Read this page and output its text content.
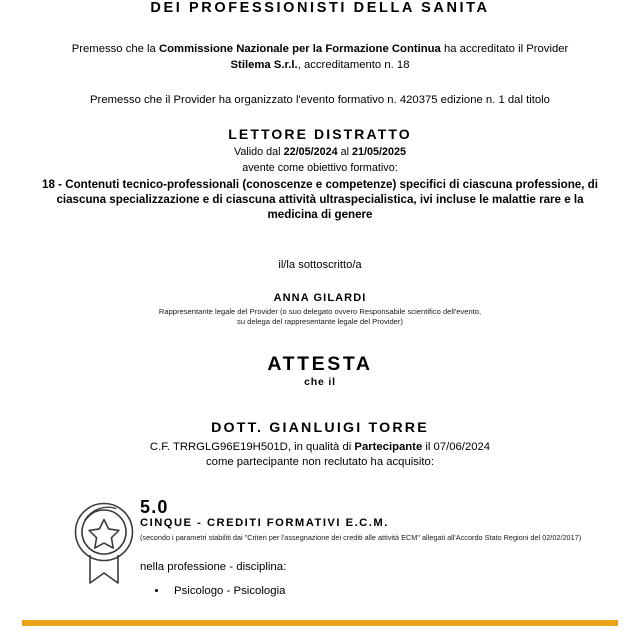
DEI PROFESSIONISTI DELLA SANITA
Premesso che la Commissione Nazionale per la Formazione Continua ha accreditato il Provider
Stilema S.r.l., accreditamento n. 18
Premesso che il Provider ha organizzato l'evento formativo n. 420375 edizione n. 1 dal titolo
LETTORE DISTRATTO
Valido dal 22/05/2024 al 21/05/2025
avente come obiettivo formativo:
18 - Contenuti tecnico-professionali (conoscenze e competenze) specifici di ciascuna professione, di ciascuna specializzazione e di ciascuna attività ultraspecialistica, ivi incluse le malattie rare e la medicina di genere
il/la sottoscritto/a
ANNA GILARDI
Rappresentante legale del Provider (o suo delegato ovvero Responsabile scientifico dell'evento,
su delega del rappresentante legale del Provider)
ATTESTA
che il
DOTT. GIANLUIGI TORRE
C.F. TRRGLG96E19H501D, in qualità di Partecipante il 07/06/2024
come partecipante non reclutato ha acquisito:
5.0
CINQUE - CREDITI FORMATIVI E.C.M.
(secondo i parametri stabiliti dai "Criteri per l'assegnazione dei crediti alle attività ECM" allegati all'Accordo Stato Regioni del 02/02/2017)
nella professione - disciplina:
• Psicologo - Psicologia
